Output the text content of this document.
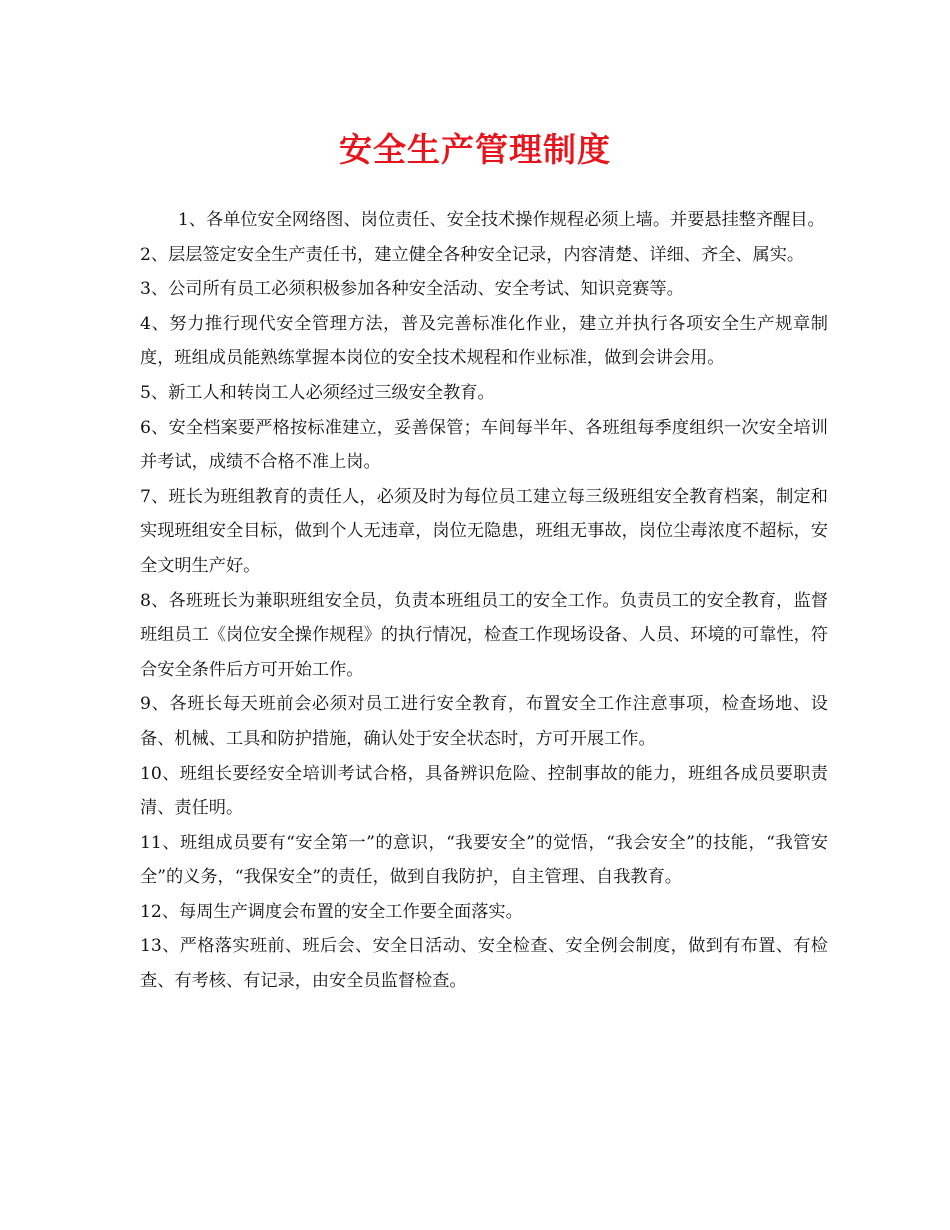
安全生产管理制度

1、各单位安全网络图、岗位责任、安全技术操作规程必须上墙。并要悬挂整齐醒目。

2、层层签定安全生产责任书，建立健全各种安全记录，内容清楚、详细、齐全、属实。

3、公司所有员工必须积极参加各种安全活动、安全考试、知识竞赛等。

4、努力推行现代安全管理方法，普及完善标准化作业，建立并执行各项安全生产规章制度，班组成员能熟练掌握本岗位的安全技术规程和作业标准，做到会讲会用。

5、新工人和转岗工人必须经过三级安全教育。

6、安全档案要严格按标准建立，妥善保管；车间每半年、各班组每季度组织一次安全培训并考试，成绩不合格不准上岗。

7、班长为班组教育的责任人，必须及时为每位员工建立每三级班组安全教育档案，制定和实现班组安全目标，做到个人无违章，岗位无隐患，班组无事故，岗位尘毒浓度不超标，安全文明生产好。

8、各班班长为兼职班组安全员，负责本班组员工的安全工作。负责员工的安全教育，监督班组员工《岗位安全操作规程》的执行情况，检查工作现场设备、人员、环境的可靠性，符合安全条件后方可开始工作。

9、各班长每天班前会必须对员工进行安全教育，布置安全工作注意事项，检查场地、设备、机械、工具和防护措施，确认处于安全状态时，方可开展工作。

10、班组长要经安全培训考试合格，具备辨识危险、控制事故的能力，班组各成员要职责清、责任明。

11、班组成员要有“安全第一”的意识，“我要安全”的觉悟，“我会安全”的技能，“我管安全”的义务，“我保安全”的责任，做到自我防护，自主管理、自我教育。

12、每周生产调度会布置的安全工作要全面落实。

13、严格落实班前、班后会、安全日活动、安全检查、安全例会制度，做到有布置、有检查、有考核、有记录，由安全员监督检查。
